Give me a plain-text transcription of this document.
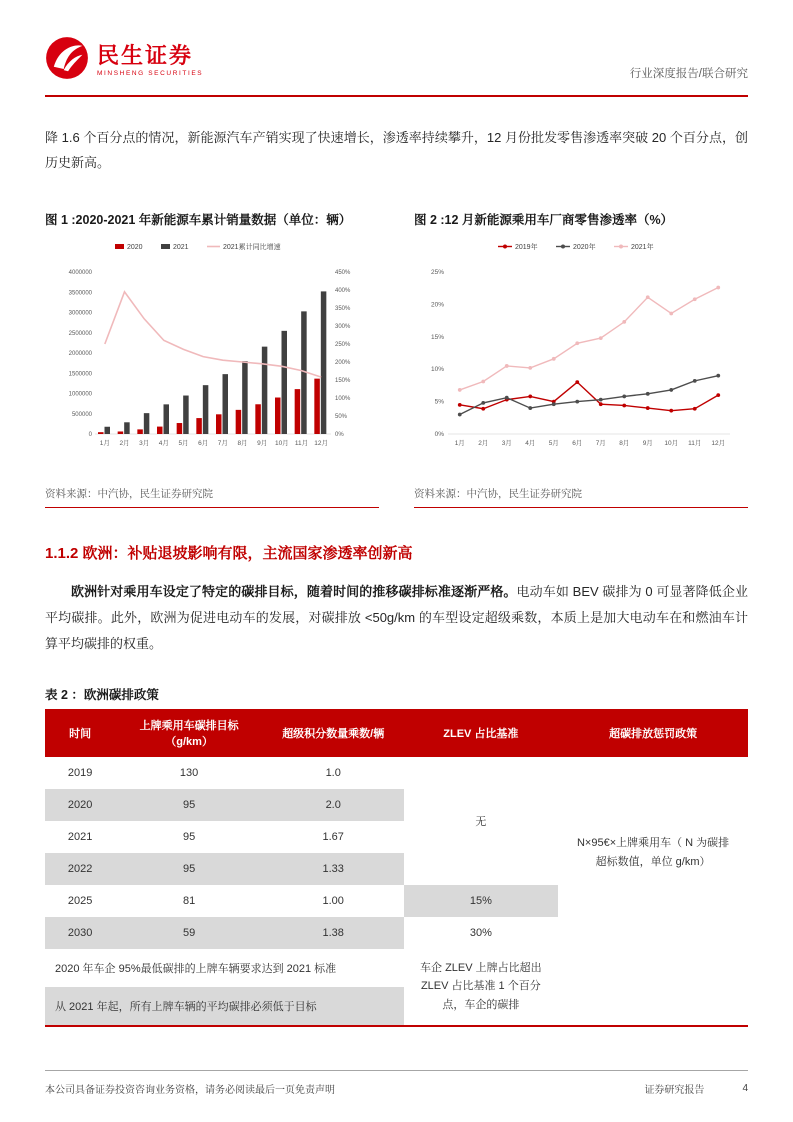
民生证券
MINSHENG SECURITIES	行业深度报告/联合研究

降 1.6 个百分点的情况，新能源汽车产销实现了快速增长，渗透率持续攀升，12 月份批发零售渗透率突破 20 个百分点，创历史新高。

图 1 :2020-2021 年新能源车累计销量数据（单位：辆）
0
500000
1000000
1500000
2000000
2500000
3000000
3500000
4000000
0%
50%
100%
150%
200%
250%
300%
350%
400%
450%
1月 2月 3月 4月 5月 6月 7月 8月 9月 10月 11月 12月
2020	2021	2021累计同比增速
资料来源：中汽协，民生证券研究院
图 2 :12 月新能源乘用车厂商零售渗透率（%）
0%
5%
10%
15%
20%
25%
1月 2月 3月 4月 5月 6月 7月 8月 9月 10月 11月 12月
2019年	2020年	2021年
资料来源：中汽协，民生证券研究院
1.1.2 欧洲：补贴退坡影响有限，主流国家渗透率创新高

欧洲针对乘用车设定了特定的碳排目标，随着时间的推移碳排标准逐渐严格。电动车如 BEV 碳排为 0 可显著降低企业平均碳排。此外，欧洲为促进电动车的发展，对碳排放 <50g/km 的车型设定超级乘数，本质上是加大电动车在和燃油车计算平均碳排的权重。

表 2 ：欧洲碳排政策
时间	上牌乘用车碳排目标（g/km）	超级积分数量乘数/辆	ZLEV 占比基准	超碳排放惩罚政策
2019	130	1.0	无	N×95€×上牌乘用车（ N 为碳排超标数值，单位 g/km）
2020	95	2.0		
2021	95	1.67		
2022	95	1.33		
2025	81	1.00	15%	
2030	59	1.38	30%	
2020 年车企 95%最低碳排的上牌车辆要求达到 2021 标准			车企 ZLEV 上牌占比超出 ZLEV 占比基准 1 个百分点，车企的碳排	
从 2021 年起，所有上牌车辆的平均碳排必须低于目标				
本公司具备证券投资咨询业务资格，请务必阅读最后一页免责声明	证券研究报告	4
